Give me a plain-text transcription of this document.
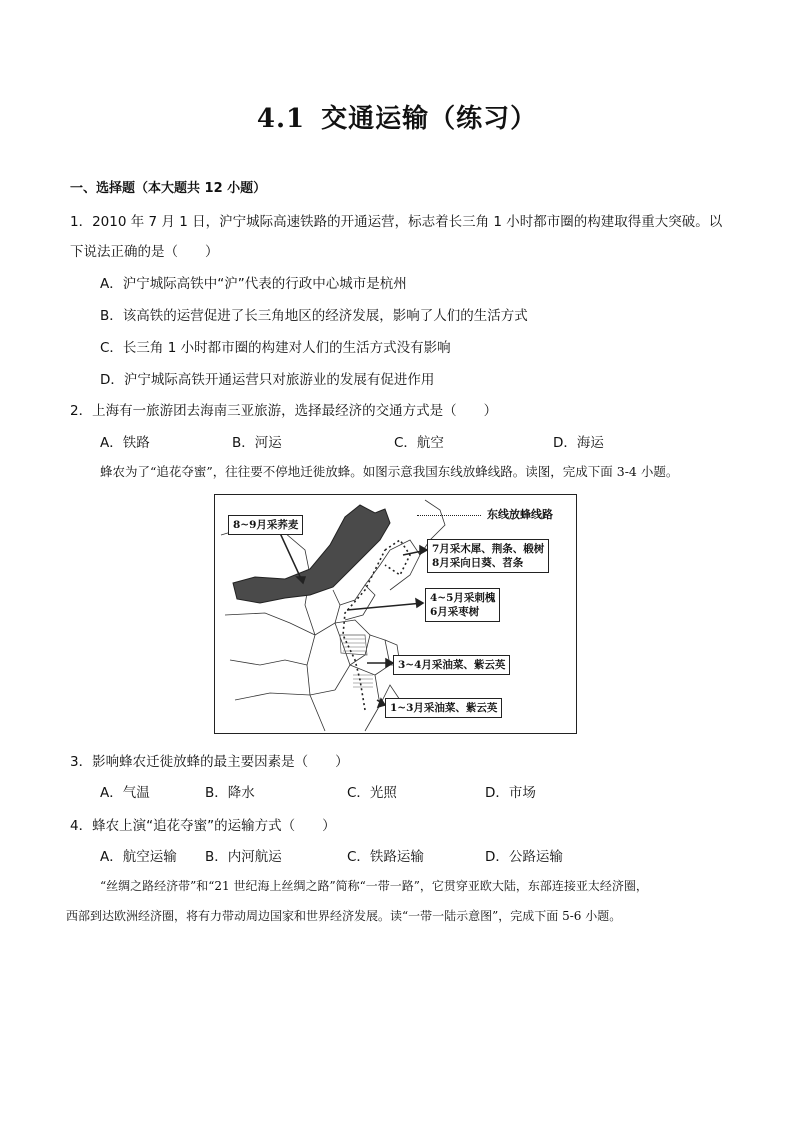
4.1 交通运输（练习）
一、选择题（本大题共 12 小题）
1．2010 年 7 月 1 日，沪宁城际高速铁路的开通运营，标志着长三角 1 小时都市圈的构建取得重大突破。以
下说法正确的是（　　）
A．沪宁城际高铁中“沪”代表的行政中心城市是杭州
B．该高铁的运营促进了长三角地区的经济发展，影响了人们的生活方式
C．长三角 1 小时都市圈的构建对人们的生活方式没有影响
D．沪宁城际高铁开通运营只对旅游业的发展有促进作用
2．上海有一旅游团去海南三亚旅游，选择最经济的交通方式是（　　）
A．铁路	B．河运	C．航空	D．海运
蜂农为了“追花夺蜜”，往往要不停地迁徙放蜂。如图示意我国东线放蜂线路。读图，完成下面 3-4 小题。
东线放蜂线路
8~9月采荞麦
7月采木犀、荆条、椴树
8月采向日葵、苕条
4~5月采刺槐
6月采枣树
3~4月采油菜、紫云英
1~3月采油菜、紫云英
3．影响蜂农迁徙放蜂的最主要因素是（　　）
A．气温	B．降水	C．光照	D．市场
4．蜂农上演“追花夺蜜”的运输方式（　　）
A．航空运输 B．内河航运	C．铁路运输	D．公路运输
“丝绸之路经济带”和“21 世纪海上丝绸之路”简称“一带一路”，它贯穿亚欧大陆，东部连接亚太经济圈，
西部到达欧洲经济圈，将有力带动周边国家和世界经济发展。读“一带一陆示意图”，完成下面 5-6 小题。
